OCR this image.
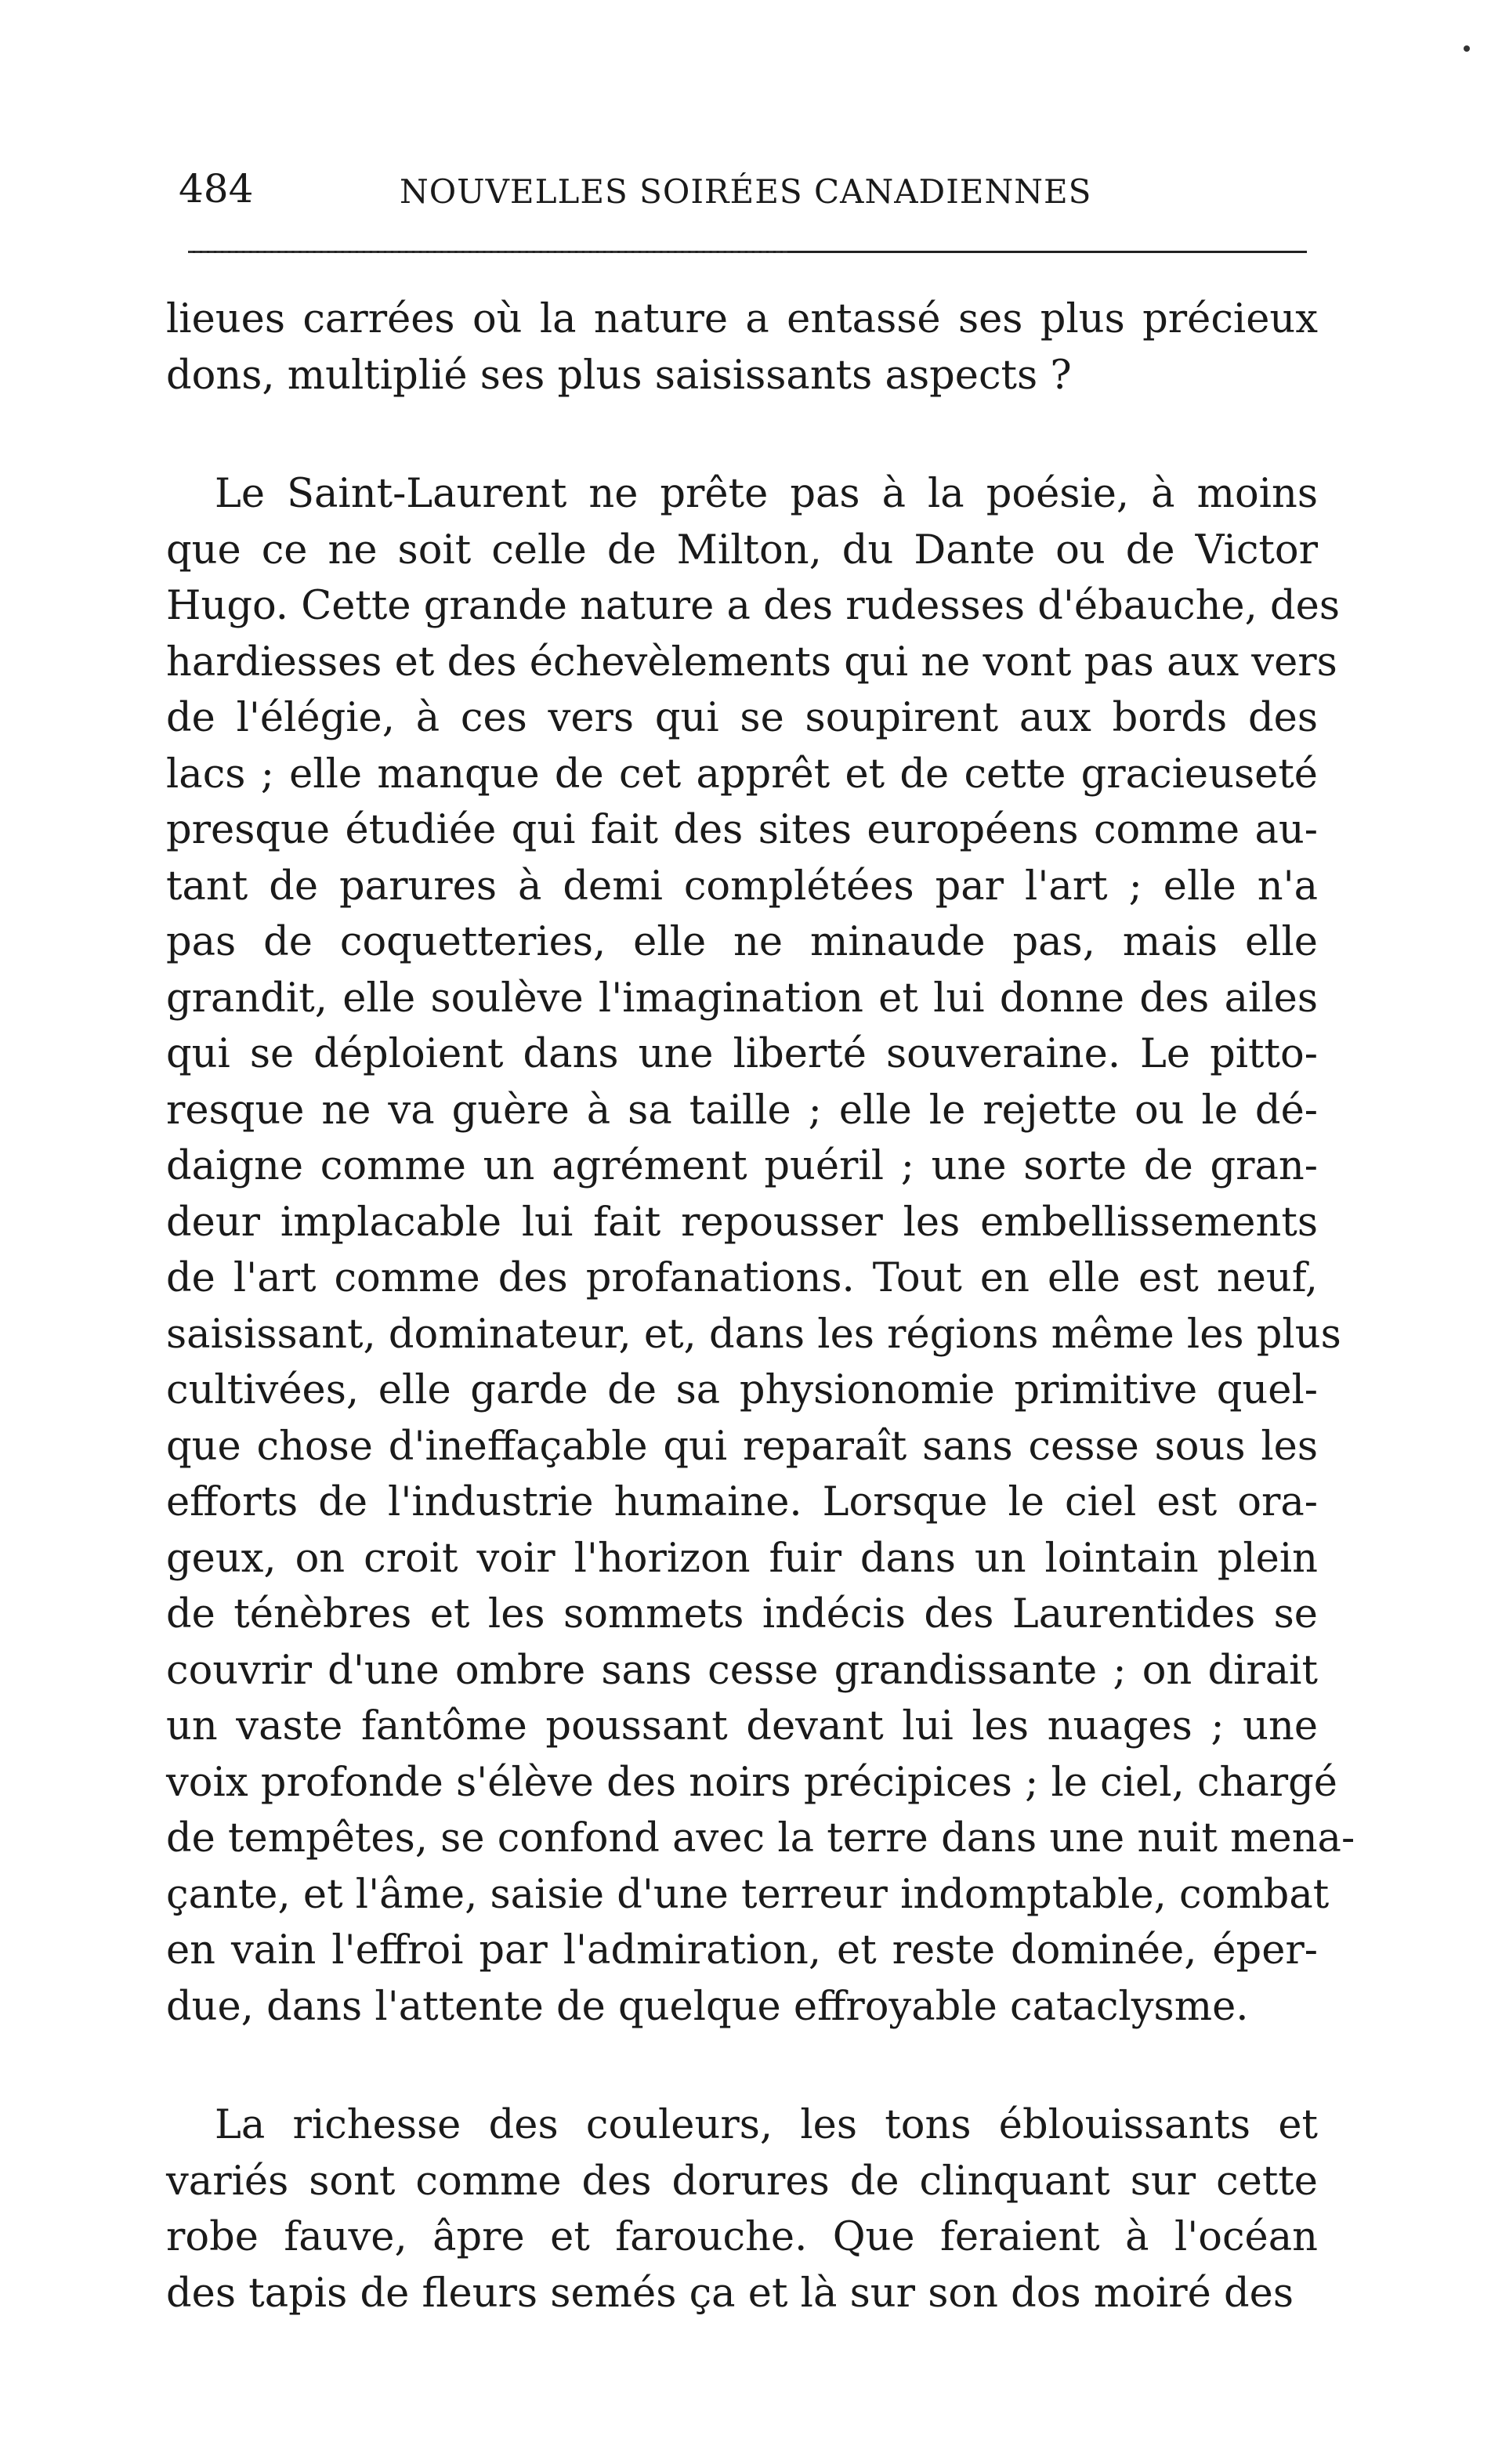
484	NOUVELLES SOIRÉES CANADIENNES
lieues carrées où la nature a entassé ses plus précieux
dons, multiplié ses plus saisissants aspects ?
Le Saint-Laurent ne prête pas à la poésie, à moins
que ce ne soit celle de Milton, du Dante ou de Victor
Hugo. Cette grande nature a des rudesses d'ébauche, des
hardiesses et des échevèlements qui ne vont pas aux vers
de l'élégie, à ces vers qui se soupirent aux bords des
lacs ; elle manque de cet apprêt et de cette gracieuseté
presque étudiée qui fait des sites européens comme au-
tant de parures à demi complétées par l'art ; elle n'a
pas de coquetteries, elle ne minaude pas, mais elle
grandit, elle soulève l'imagination et lui donne des ailes
qui se déploient dans une liberté souveraine. Le pitto-
resque ne va guère à sa taille ; elle le rejette ou le dé-
daigne comme un agrément puéril ; une sorte de gran-
deur implacable lui fait repousser les embellissements
de l'art comme des profanations. Tout en elle est neuf,
saisissant, dominateur, et, dans les régions même les plus
cultivées, elle garde de sa physionomie primitive quel-
que chose d'ineffaçable qui reparaît sans cesse sous les
efforts de l'industrie humaine. Lorsque le ciel est ora-
geux, on croit voir l'horizon fuir dans un lointain plein
de ténèbres et les sommets indécis des Laurentides se
couvrir d'une ombre sans cesse grandissante ; on dirait
un vaste fantôme poussant devant lui les nuages ; une
voix profonde s'élève des noirs précipices ; le ciel, chargé
de tempêtes, se confond avec la terre dans une nuit mena-
çante, et l'âme, saisie d'une terreur indomptable, combat
en vain l'effroi par l'admiration, et reste dominée, éper-
due, dans l'attente de quelque effroyable cataclysme.
La richesse des couleurs, les tons éblouissants et
variés sont comme des dorures de clinquant sur cette
robe fauve, âpre et farouche. Que feraient à l'océan
des tapis de fleurs semés ça et là sur son dos moiré des
